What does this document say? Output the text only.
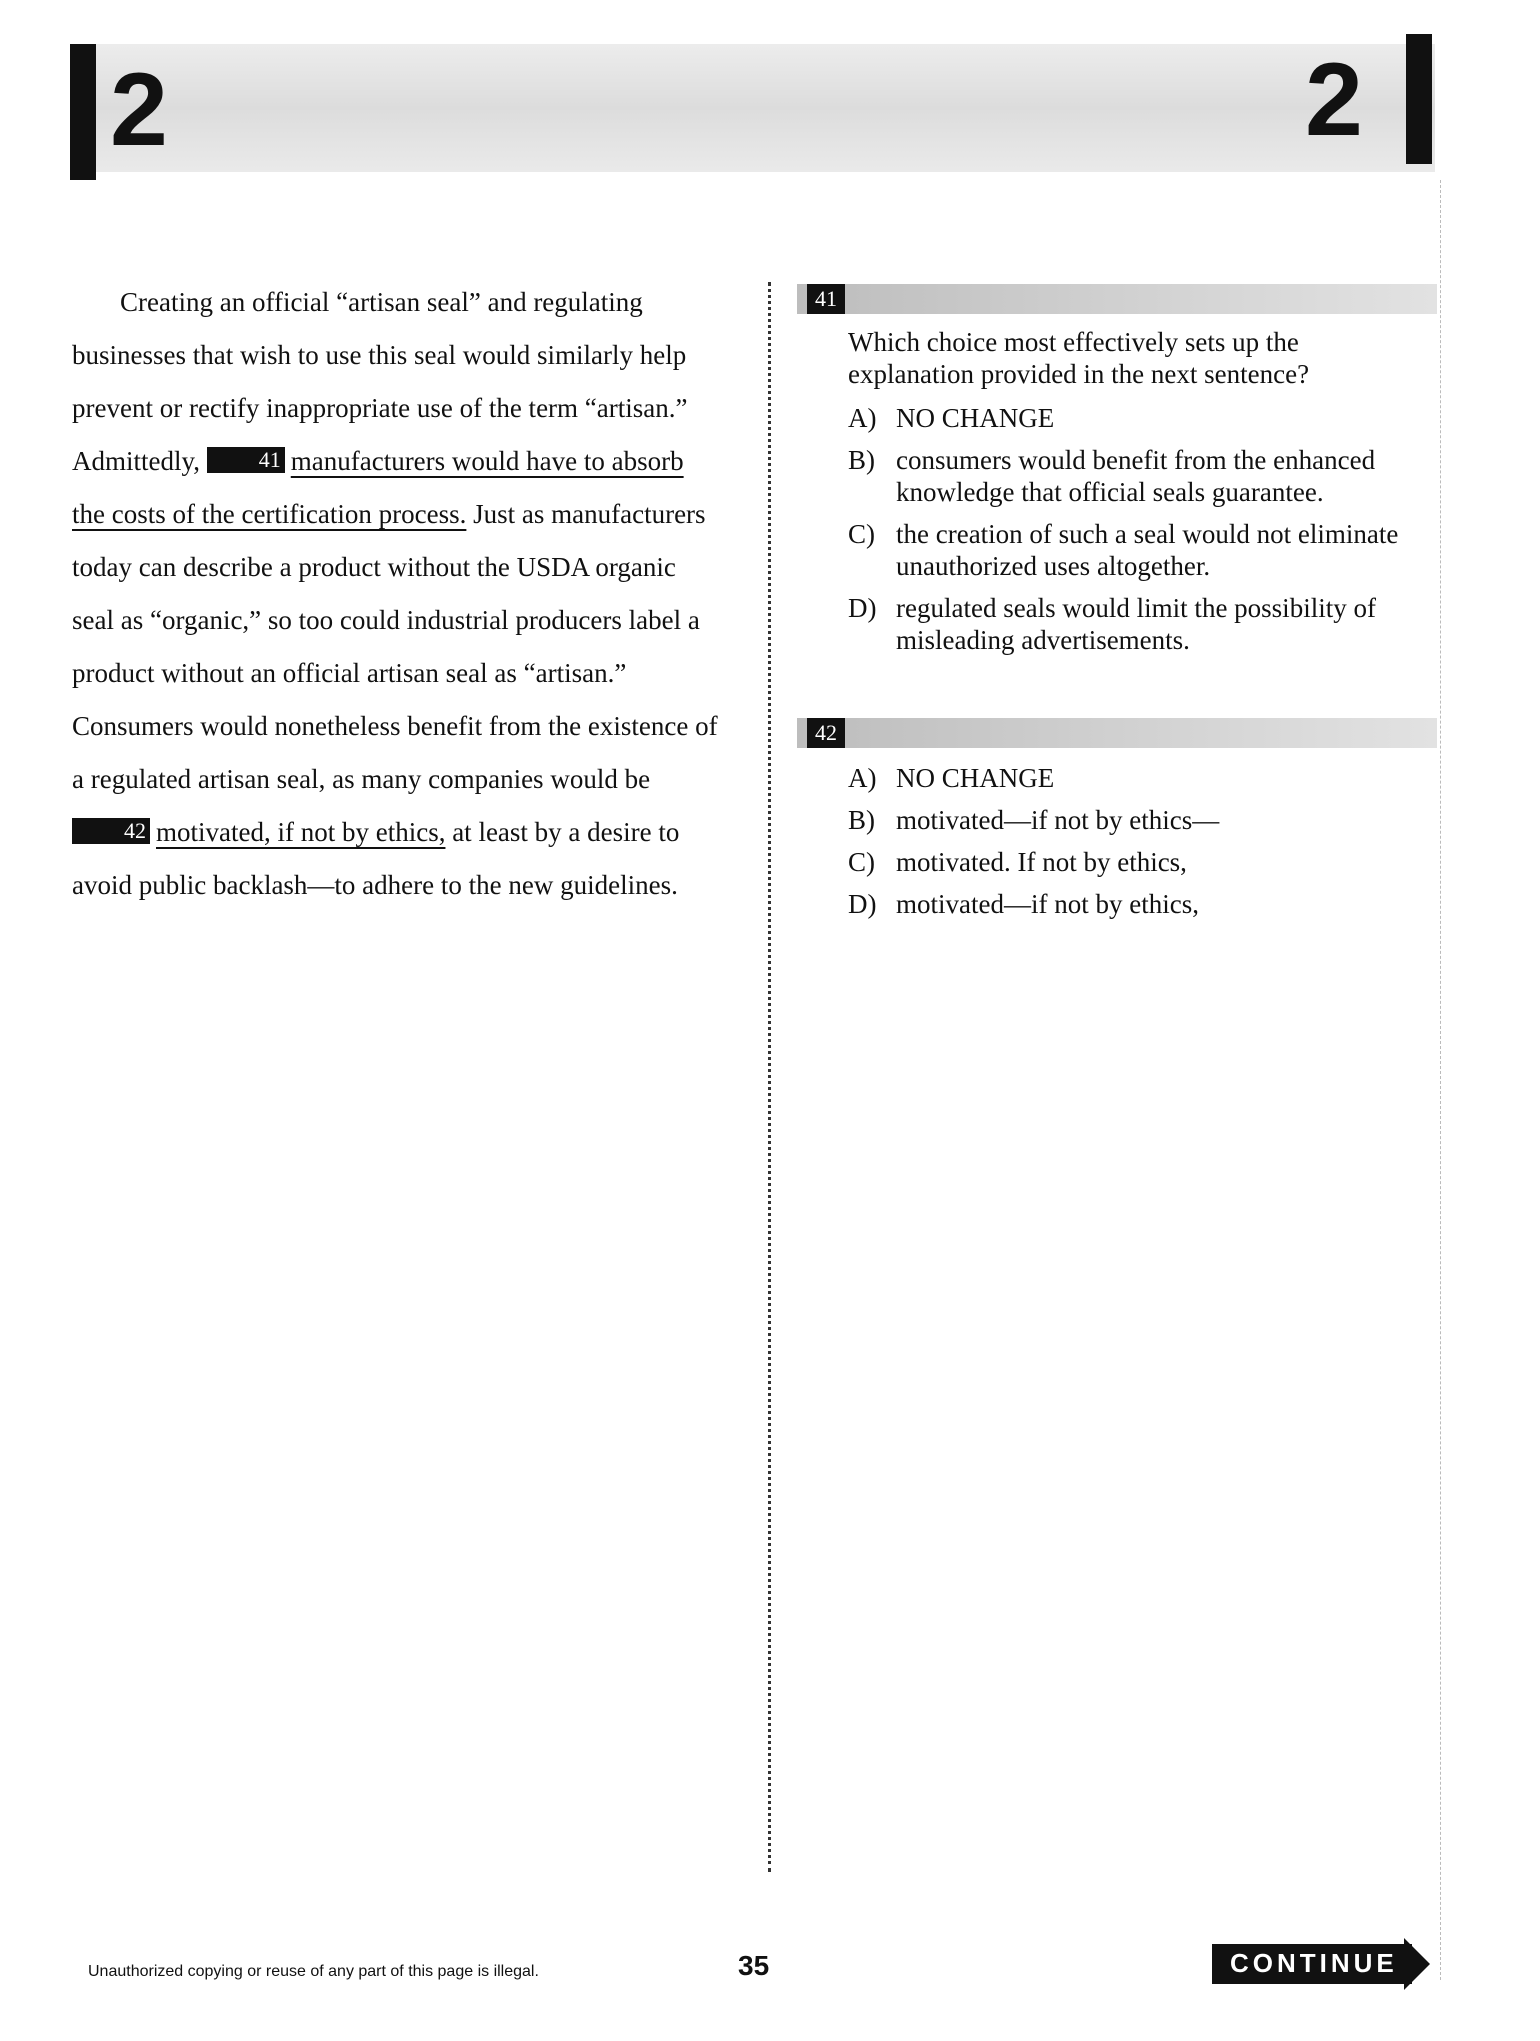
2	2

Creating an official “artisan seal” and regulating businesses that wish to use this seal would similarly help prevent or rectify inappropriate use of the term “artisan.” Admittedly,	41 manufacturers would have to absorb the costs of the certification process. Just as manufacturers today can describe a product without the USDA organic seal as “organic,” so too could industrial producers label a product without an official artisan seal as “artisan.” Consumers would nonetheless benefit from the existence of a regulated artisan seal, as many companies would be 42 motivated, if not by ethics, at least by a desire to avoid public backlash—to adhere to the new guidelines.

41
Which choice most effectively sets up the explanation provided in the next sentence?
A) NO CHANGE
B) consumers would benefit from the enhanced knowledge that official seals guarantee.
C) the creation of such a seal would not eliminate unauthorized uses altogether.
D) regulated seals would limit the possibility of misleading advertisements.
42
A) NO CHANGE
B) motivated—if not by ethics—
C) motivated. If not by ethics,
D) motivated—if not by ethics,
Unauthorized copying or reuse of any part of this page is illegal.	35	CONTINUE
